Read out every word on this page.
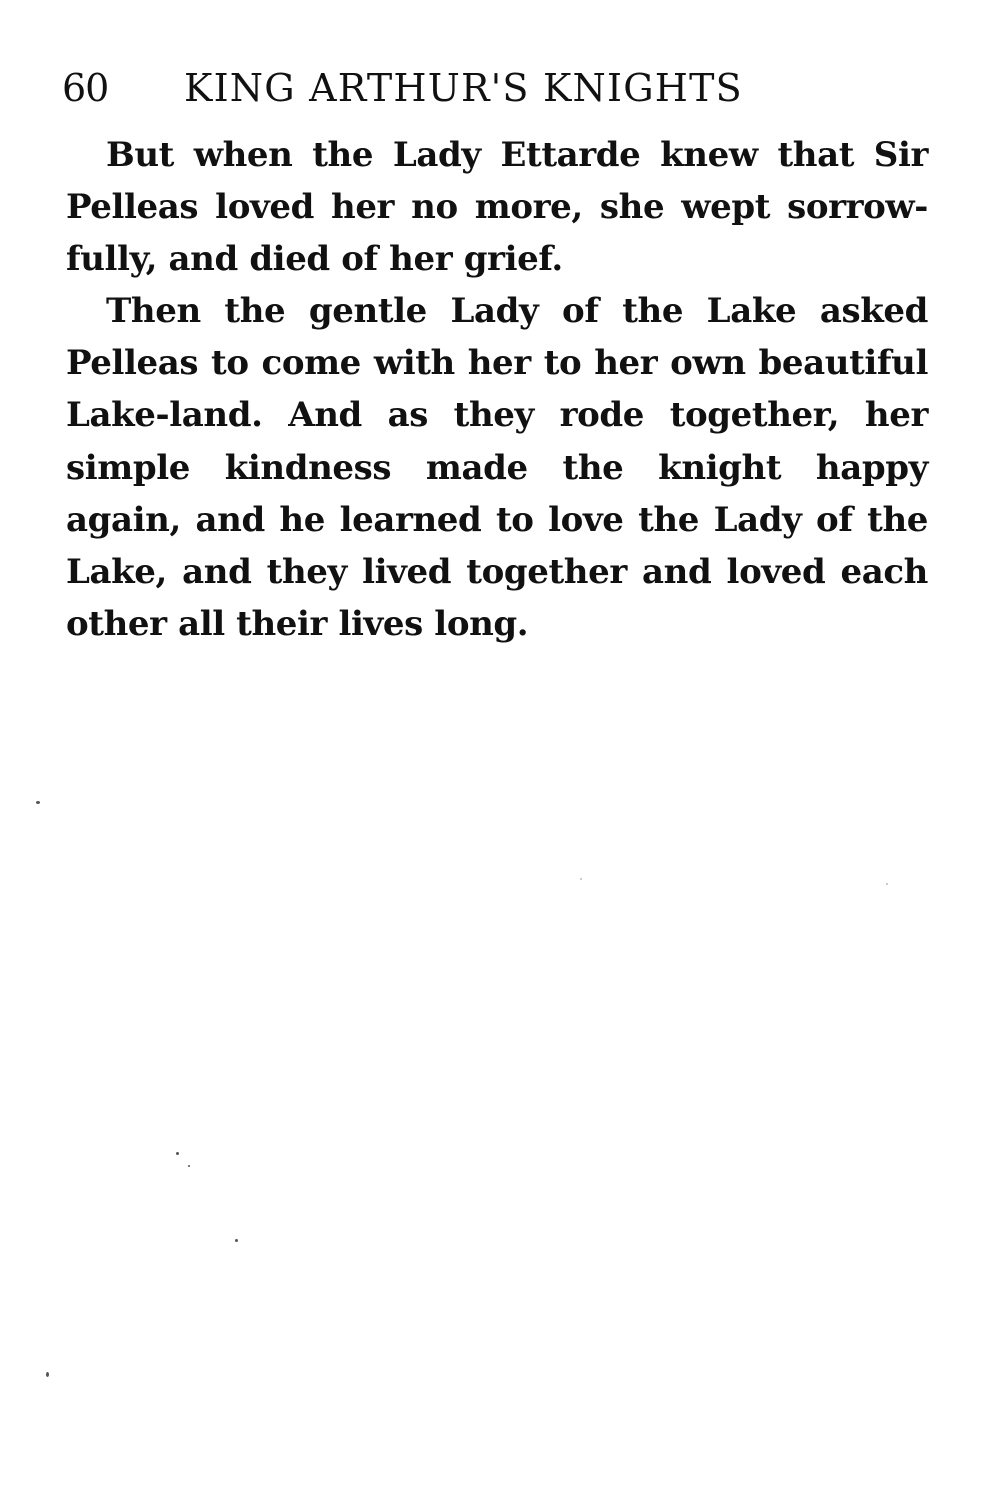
60 KING ARTHUR'S KNIGHTS
But when the Lady Ettarde knew that Sir
Pelleas loved her no more, she wept sorrow-
fully, and died of her grief.
Then the gentle Lady of the Lake asked
Pelleas to come with her to her own beautiful
Lake-land. And as they rode together, her
simple kindness made the knight happy
again, and he learned to love the Lady of the
Lake, and they lived together and loved each
other all their lives long.
